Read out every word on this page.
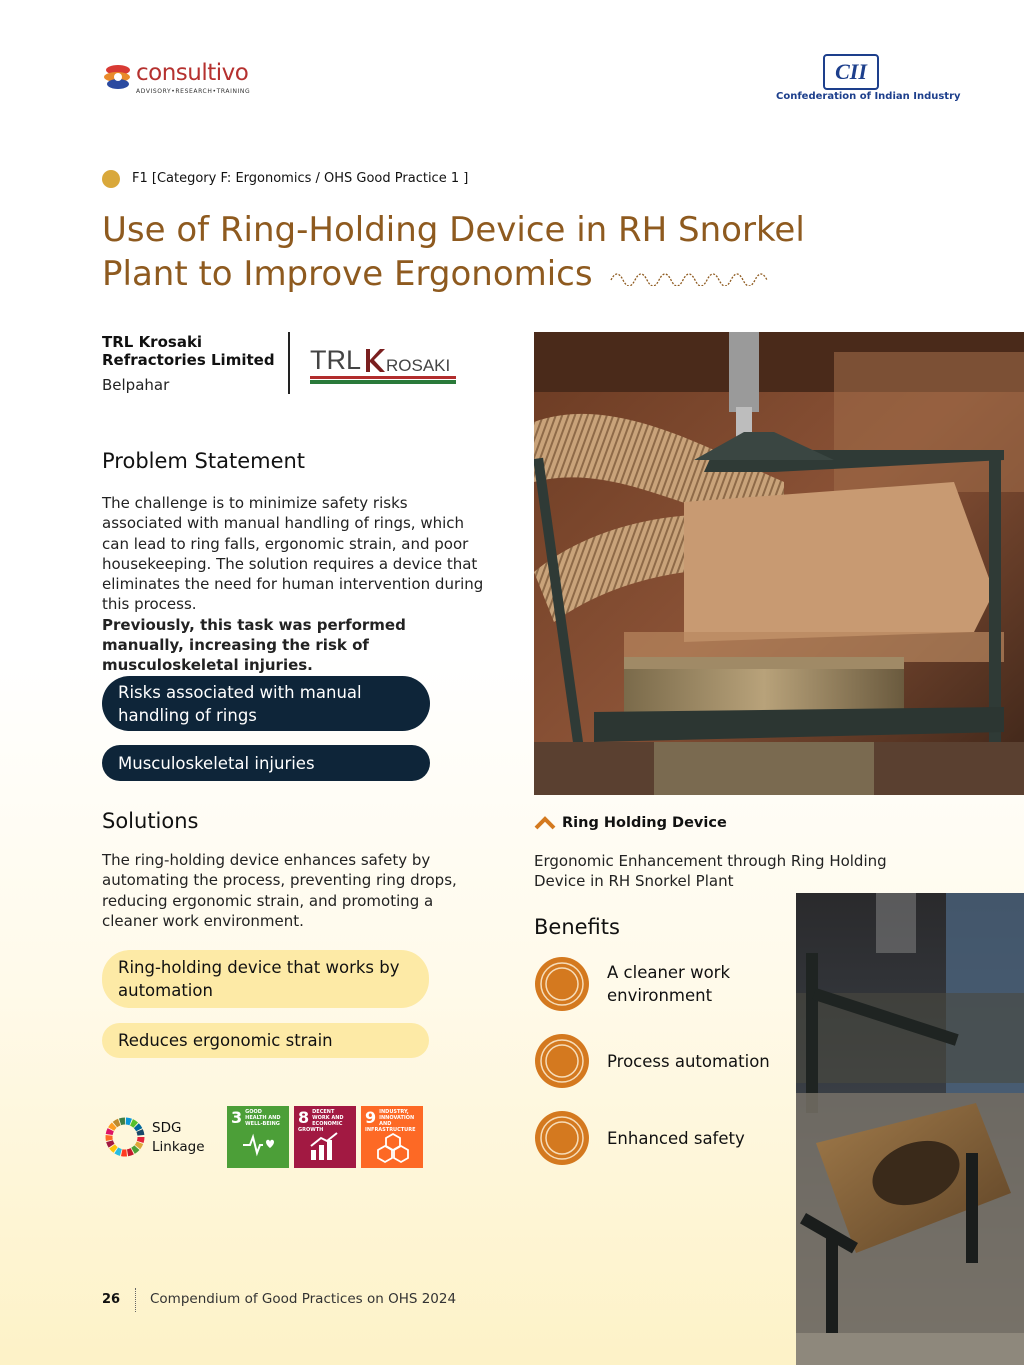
consultivo
ADVISORY•RESEARCH•TRAINING
CII
Confederation of Indian Industry
F1 [Category F: Ergonomics / OHS Good Practice 1 ]
Use of Ring-Holding Device in RH Snorkel
Plant to Improve Ergonomics
TRL Krosaki Refractories Limited
Belpahar
TRL ROSAKI
Problem Statement
The challenge is to minimize safety risks associated with manual handling of rings, which can lead to ring falls, ergonomic strain, and poor housekeeping. The solution requires a device that eliminates the need for human intervention during this process.
Previously, this task was performed manually, increasing the risk of musculoskeletal injuries.
Risks associated with manual handling of rings
Musculoskeletal injuries
Solutions
The ring-holding device enhances safety by automating the process, preventing ring drops, reducing ergonomic strain, and promoting a cleaner work environment.
Ring-holding device that works by automation
Reduces ergonomic strain
SDG Linkage
3 GOOD HEALTH AND WELL-BEING	8 DECENT WORK AND ECONOMIC GROWTH
9 INDUSTRY, INNOVATION AND INFRASTRUCTURE
Ring Holding Device
Ergonomic Enhancement through Ring Holding Device in RH Snorkel Plant
Benefits
A cleaner work environment
Process automation
Enhanced safety
26 Compendium of Good Practices on OHS 2024
